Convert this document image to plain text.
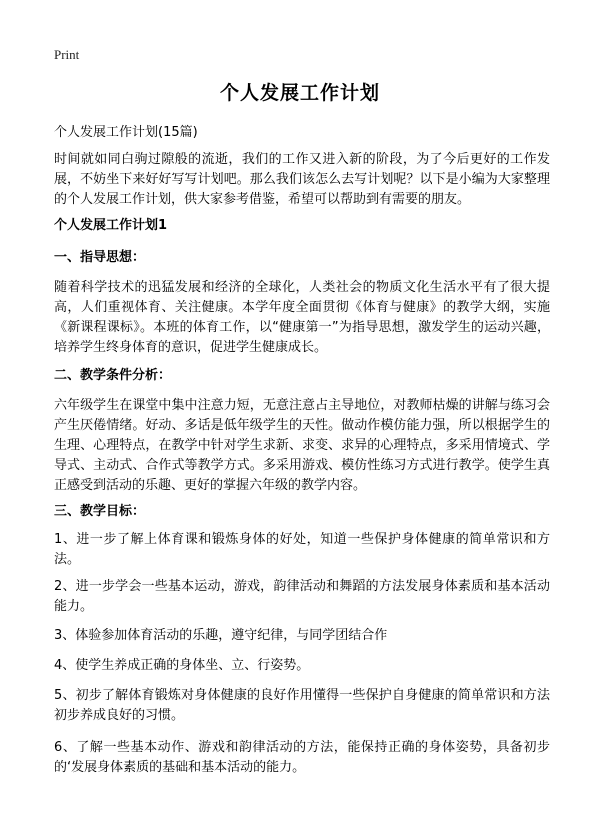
Print
个人发展工作计划

个人发展工作计划(15篇)

时间就如同白驹过隙般的流逝，我们的工作又进入新的阶段，为了今后更好的工作发展，不妨坐下来好好写写计划吧。那么我们该怎么去写计划呢？以下是小编为大家整理的个人发展工作计划，供大家参考借鉴，希望可以帮助到有需要的朋友。

个人发展工作计划1

一、指导思想：

随着科学技术的迅猛发展和经济的全球化，人类社会的物质文化生活水平有了很大提高，人们重视体育、关注健康。本学年度全面贯彻《体育与健康》的教学大纲，实施《新课程课标》。本班的体育工作，以“健康第一”为指导思想，激发学生的运动兴趣，培养学生终身体育的意识，促进学生健康成长。

二、教学条件分析：

六年级学生在课堂中集中注意力短，无意注意占主导地位，对教师枯燥的讲解与练习会产生厌倦情绪。好动、多话是低年级学生的天性。做动作模仿能力强，所以根据学生的生理、心理特点，在教学中针对学生求新、求变、求异的心理特点，多采用情境式、学导式、主动式、合作式等教学方式。多采用游戏、模仿性练习方式进行教学。使学生真正感受到活动的乐趣、更好的掌握六年级的教学内容。

三、教学目标：

1、进一步了解上体育课和锻炼身体的好处，知道一些保护身体健康的简单常识和方法。

2、进一步学会一些基本运动，游戏，韵律活动和舞蹈的方法发展身体素质和基本活动能力。

3、体验参加体育活动的乐趣，遵守纪律，与同学团结合作

4、使学生养成正确的身体坐、立、行姿势。

5、初步了解体育锻炼对身体健康的良好作用懂得一些保护自身健康的简单常识和方法初步养成良好的习惯。

6、了解一些基本动作、游戏和韵律活动的方法，能保持正确的身体姿势，具备初步的‘发展身体素质的基础和基本活动的能力。
